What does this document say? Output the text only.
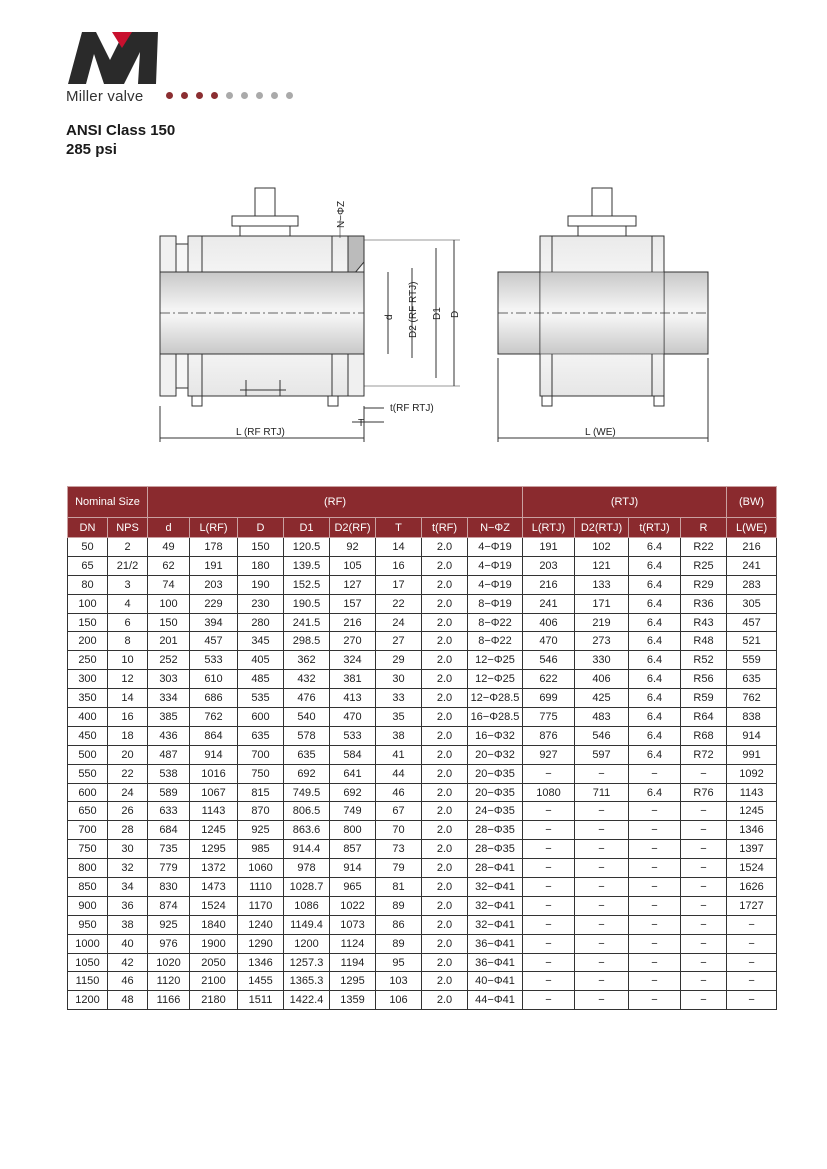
Miller valve
ANSI Class 150
285 psi
L (RF RTJ)
t(RF RTJ)
T
N−ΦZ
d D2 (RF RTJ) D1 D
L (WE)
Nominal Size		(RF)								(RTJ)				(BW)
DN	NPS	d	L(RF)	D	D1	D2(RF)	T	t(RF)	N−ΦZ	L(RTJ)	D2(RTJ)	t(RTJ)	R	L(WE)
50	2	49	178	150	120.5	92	14	2.0	4−Φ19	191	102	6.4	R22	216
65	21/2	62	191	180	139.5	105	16	2.0	4−Φ19	203	121	6.4	R25	241
80	3	74	203	190	152.5	127	17	2.0	4−Φ19	216	133	6.4	R29	283
100	4	100	229	230	190.5	157	22	2.0	8−Φ19	241	171	6.4	R36	305
150	6	150	394	280	241.5	216	24	2.0	8−Φ22	406	219	6.4	R43	457
200	8	201	457	345	298.5	270	27	2.0	8−Φ22	470	273	6.4	R48	521
250	10	252	533	405	362	324	29	2.0	12−Φ25	546	330	6.4	R52	559
300	12	303	610	485	432	381	30	2.0	12−Φ25	622	406	6.4	R56	635
350	14	334	686	535	476	413	33	2.0	12−Φ28.5	699	425	6.4	R59	762
400	16	385	762	600	540	470	35	2.0	16−Φ28.5	775	483	6.4	R64	838
450	18	436	864	635	578	533	38	2.0	16−Φ32	876	546	6.4	R68	914
500	20	487	914	700	635	584	41	2.0	20−Φ32	927	597	6.4	R72	991
550	22	538	1016	750	692	641	44	2.0	20−Φ35	−	−	−	−	1092
600	24	589	1067	815	749.5	692	46	2.0	20−Φ35	1080	711	6.4	R76	1143
650	26	633	1143	870	806.5	749	67	2.0	24−Φ35	−	−	−	−	1245
700	28	684	1245	925	863.6	800	70	2.0	28−Φ35	−	−	−	−	1346
750	30	735	1295	985	914.4	857	73	2.0	28−Φ35	−	−	−	−	1397
800	32	779	1372	1060	978	914	79	2.0	28−Φ41	−	−	−	−	1524
850	34	830	1473	1110	1028.7	965	81	2.0	32−Φ41	−	−	−	−	1626
900	36	874	1524	1170	1086	1022	89	2.0	32−Φ41	−	−	−	−	1727
950	38	925	1840	1240	1149.4	1073	86	2.0	32−Φ41	−	−	−	−	−
1000	40	976	1900	1290	1200	1124	89	2.0	36−Φ41	−	−	−	−	−
1050	42	1020	2050	1346	1257.3	1194	95	2.0	36−Φ41	−	−	−	−	−
1150	46	1120	2100	1455	1365.3	1295	103	2.0	40−Φ41	−	−	−	−	−
1200	48	1166	2180	1511	1422.4	1359	106	2.0	44−Φ41	−	−	−	−	−
